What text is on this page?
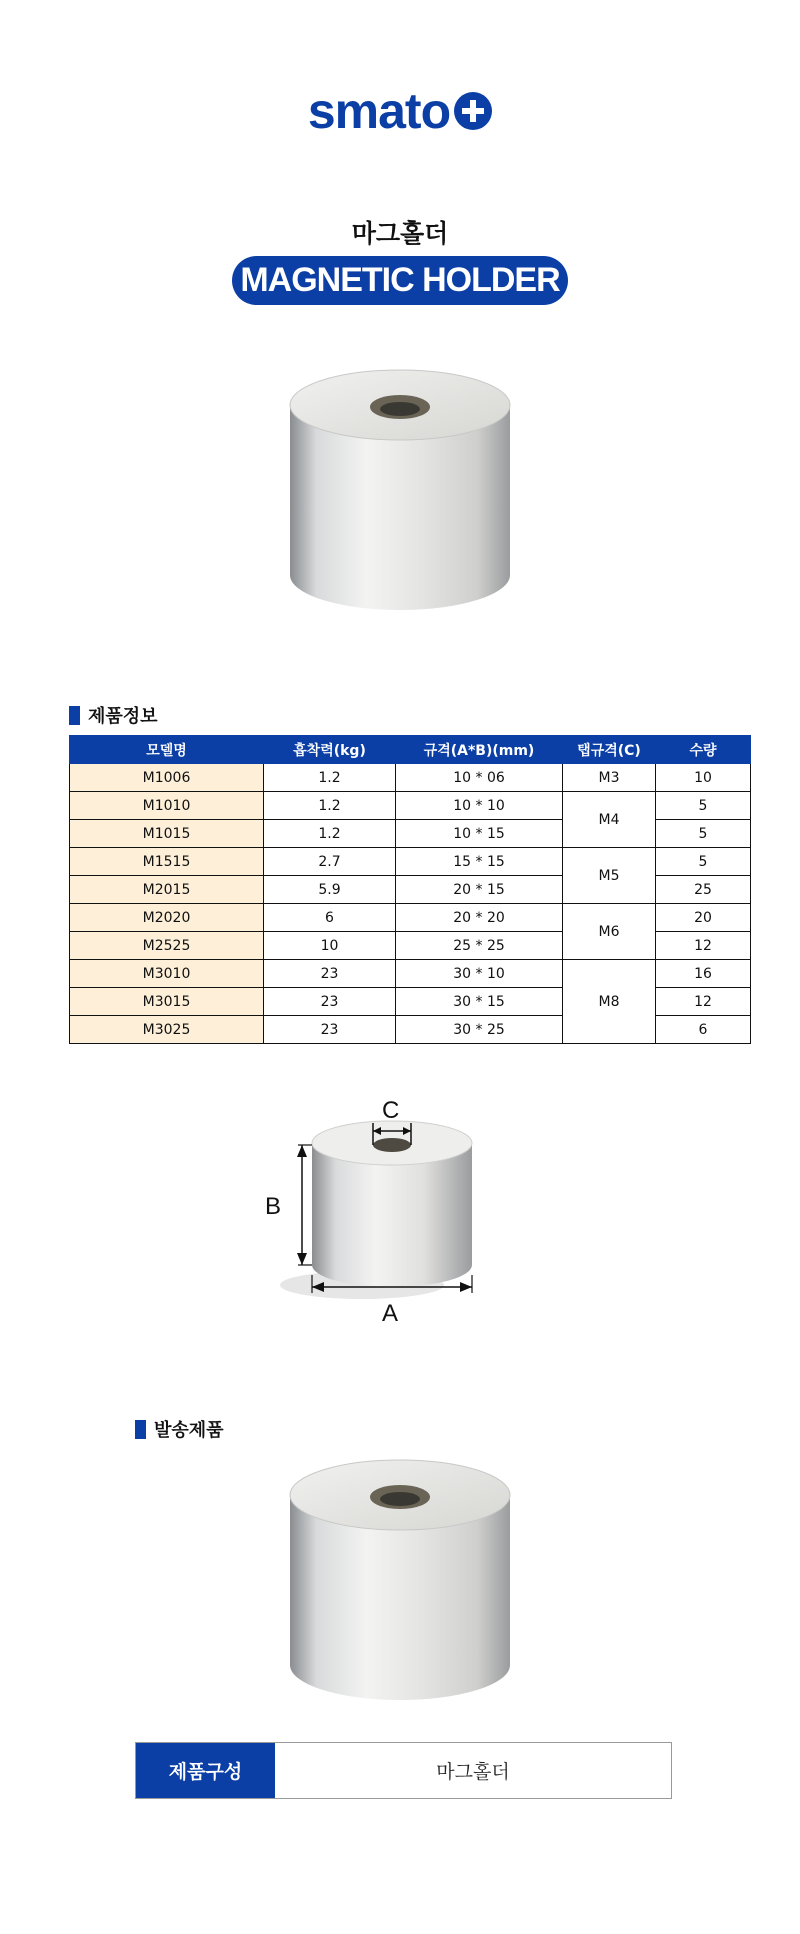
smato
마그홀더
MAGNETIC HOLDER
제품정보
모델명	흡착력(kg)	규격(A*B)(mm)	탭규격(C)	수량
M1006	1.2	10 * 06	M3	10
M1010	1.2	10 * 10	M4	5
M1015	1.2	10 * 15		5
M1515	2.7	15 * 15	M5	5
M2015	5.9	20 * 15		25
M2020	6	20 * 20	M6	20
M2525	10	25 * 25		12
M3010	23	30 * 10	M8	16
M3015	23	30 * 15		12
M3025	23	30 * 25		6
C
B
A
발송제품
제품구성	마그홀더
